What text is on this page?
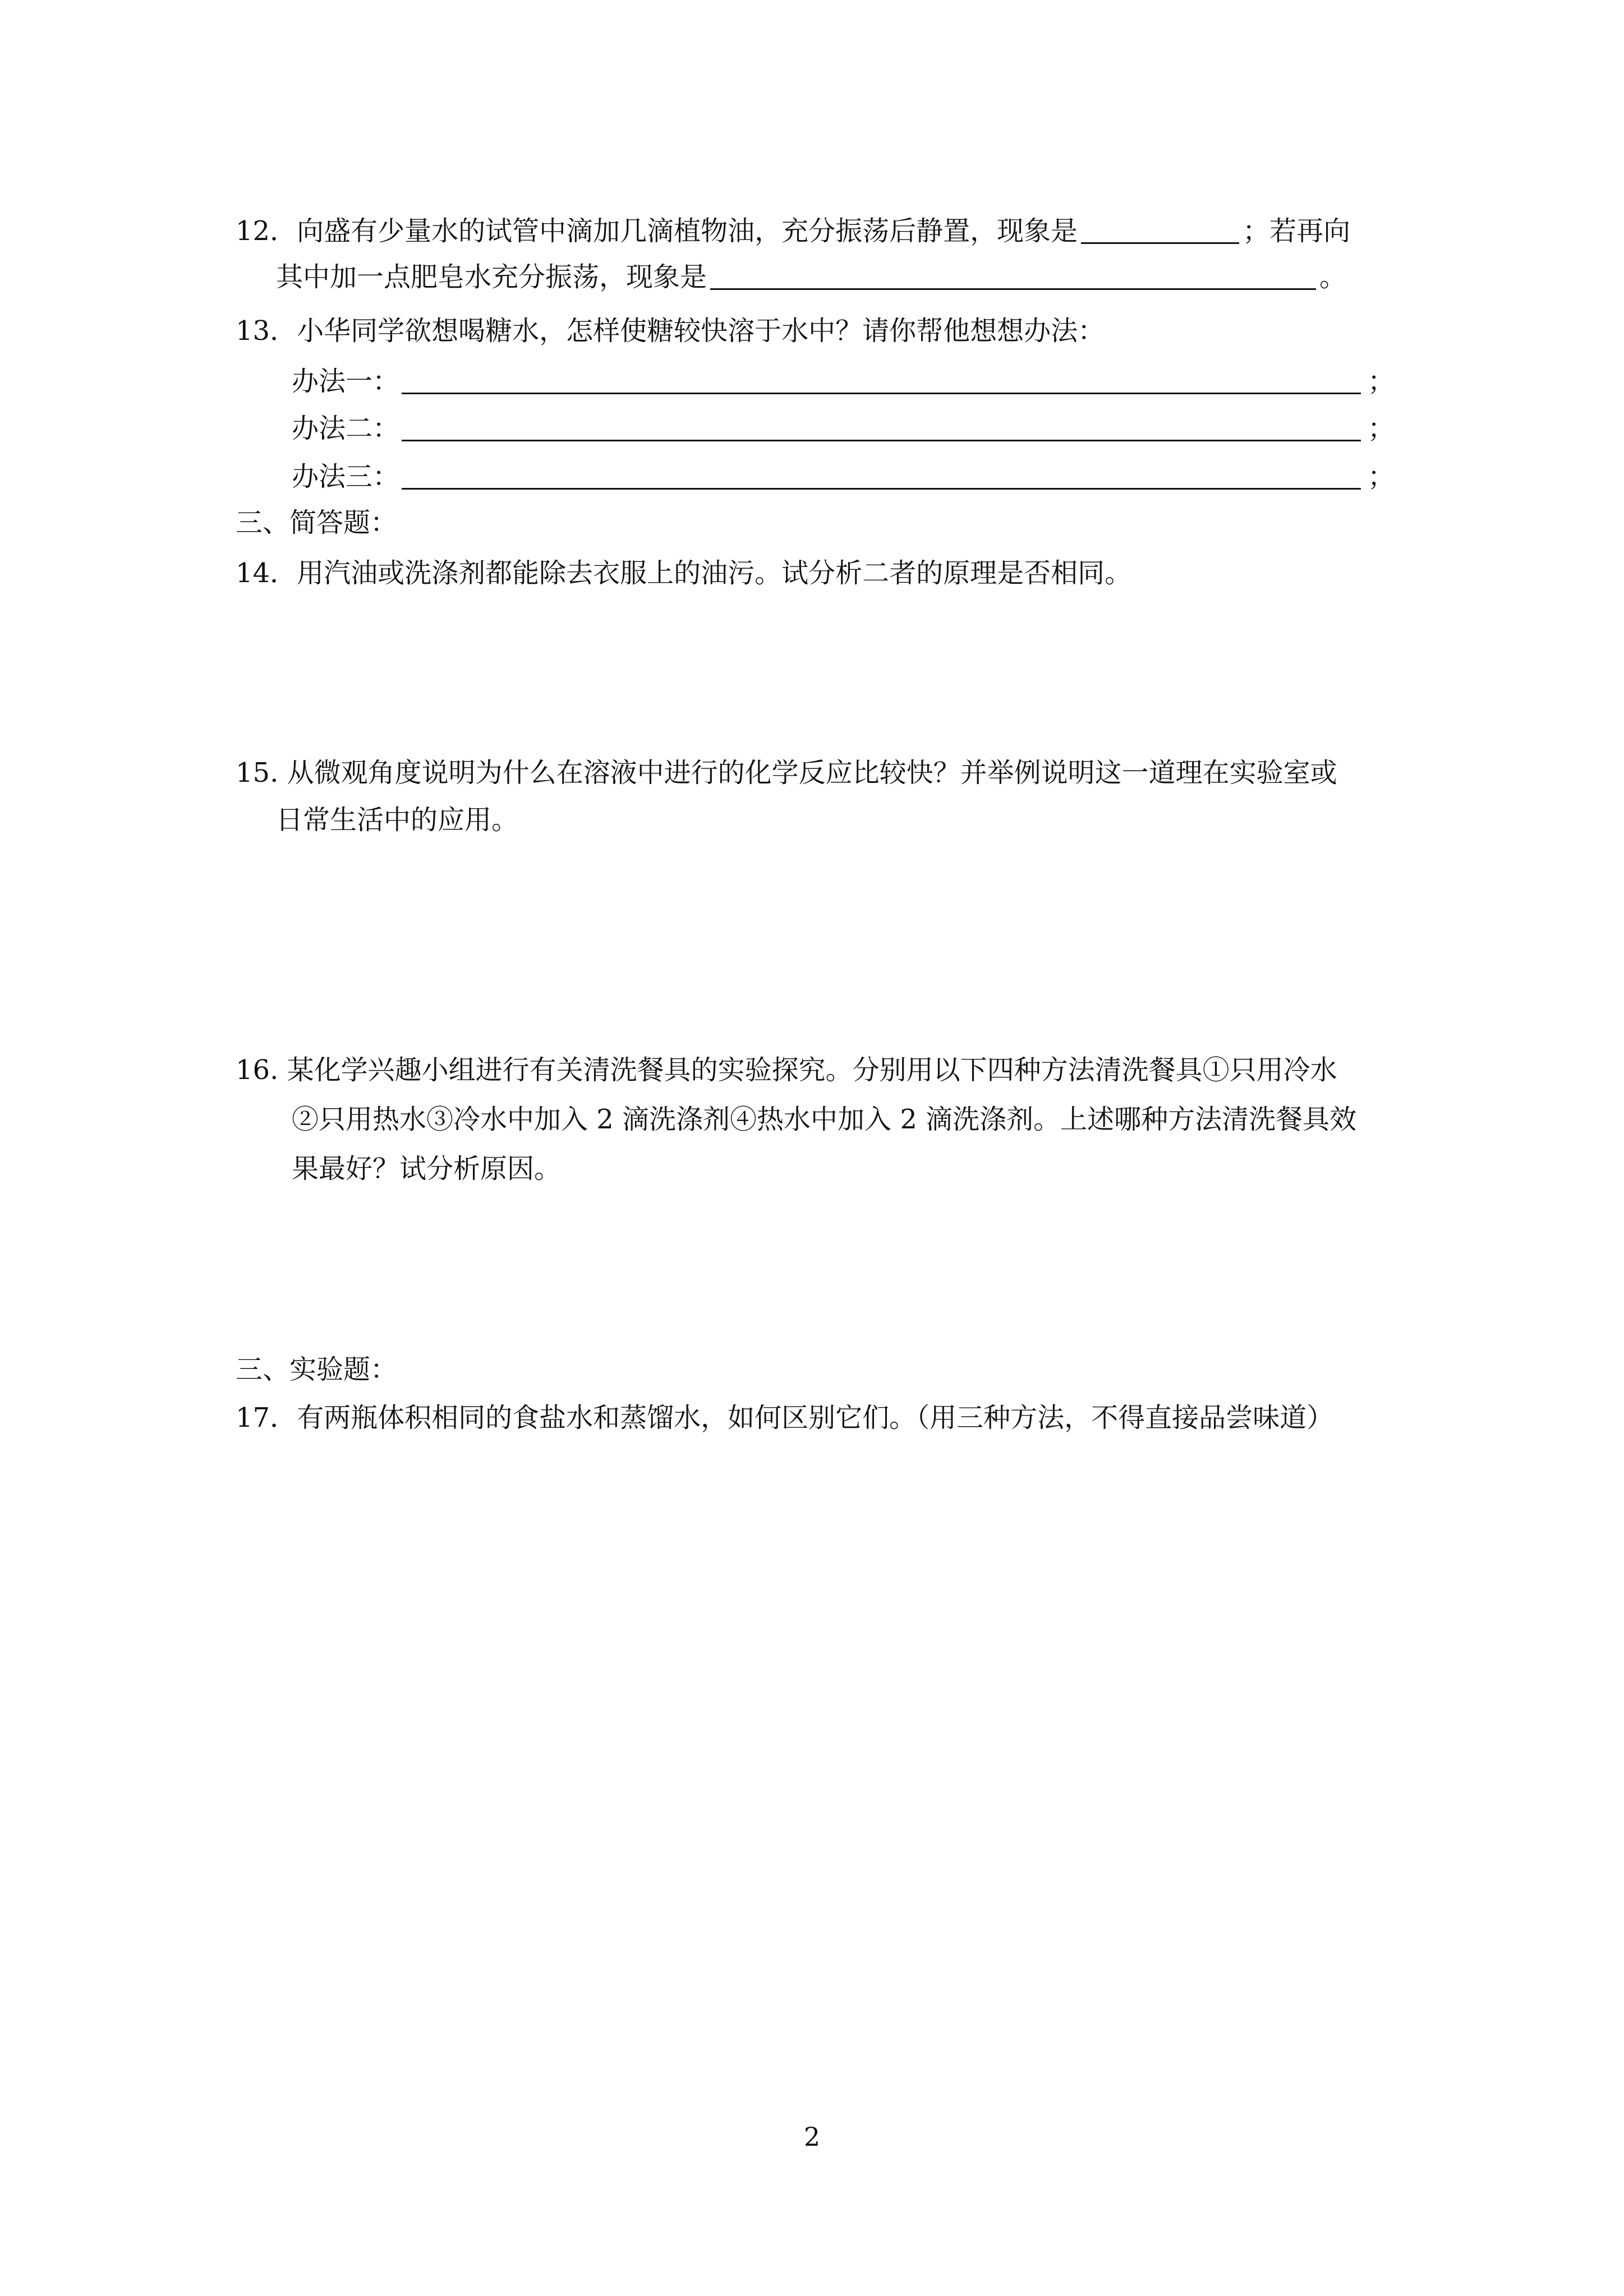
12．向盛有少量水的试管中滴加几滴植物油，充分振荡后静置，现象是	；若再向
其中加一点肥皂水充分振荡，现象是	。
13．小华同学欲想喝糖水，怎样使糖较快溶于水中？请你帮他想想办法：
办法一：	；
办法二：	；
办法三：	；
三、简答题：
14．用汽油或洗涤剂都能除去衣服上的油污。试分析二者的原理是否相同。
15. 从微观角度说明为什么在溶液中进行的化学反应比较快？并举例说明这一道理在实验室或
日常生活中的应用。
16. 某化学兴趣小组进行有关清洗餐具的实验探究。分别用以下四种方法清洗餐具①只用冷水
②只用热水③冷水中加入 2 滴洗涤剂④热水中加入 2 滴洗涤剂。上述哪种方法清洗餐具效
果最好？试分析原因。
三、实验题：
17．有两瓶体积相同的食盐水和蒸馏水，如何区别它们。（用三种方法，不得直接品尝味道）
2
